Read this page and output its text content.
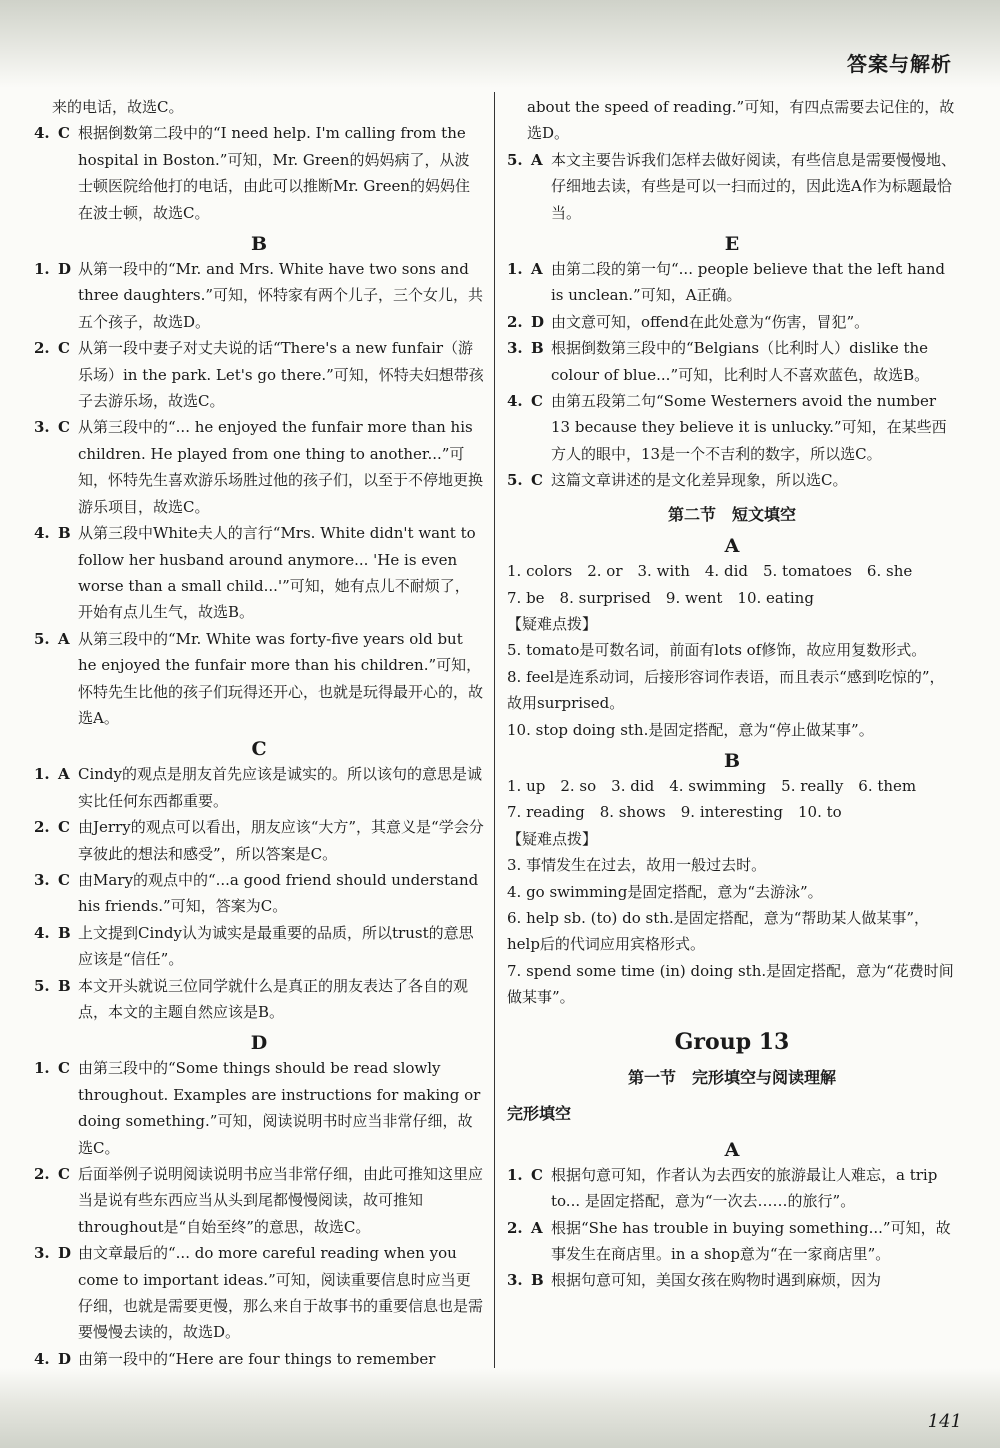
答案与解析

来的电话，故选C。

4. C 根据倒数第二段中的“I need help. I'm calling from the hospital in Boston.”可知，Mr. Green的妈妈病了，从波士顿医院给他打的电话，由此可以推断Mr. Green的妈妈住在波士顿，故选C。

B

1. D 从第一段中的“Mr. and Mrs. White have two sons and three daughters.”可知，怀特家有两个儿子，三个女儿，共五个孩子，故选D。
2. C 从第一段中妻子对丈夫说的话“There's a new funfair（游乐场）in the park. Let's go there.”可知，怀特夫妇想带孩子去游乐场，故选C。
3. C 从第三段中的“... he enjoyed the funfair more than his children. He played from one thing to another...”可知，怀特先生喜欢游乐场胜过他的孩子们，以至于不停地更换游乐项目，故选C。
4. B 从第三段中White夫人的言行“Mrs. White didn't want to follow her husband around anymore... 'He is even worse than a small child...'”可知，她有点儿不耐烦了，开始有点儿生气，故选B。
5. A 从第三段中的“Mr. White was forty-five years old but he enjoyed the funfair more than his children.”可知，怀特先生比他的孩子们玩得还开心，也就是玩得最开心的，故选A。

C

1. A Cindy的观点是朋友首先应该是诚实的。所以该句的意思是诚实比任何东西都重要。
2. C 由Jerry的观点可以看出，朋友应该“大方”，其意义是“学会分享彼此的想法和感受”，所以答案是C。
3. C 由Mary的观点中的“...a good friend should understand his friends.”可知，答案为C。
4. B 上文提到Cindy认为诚实是最重要的品质，所以trust的意思应该是“信任”。
5. B 本文开头就说三位同学就什么是真正的朋友表达了各自的观点，本文的主题自然应该是B。

D

1. C 由第三段中的“Some things should be read slowly throughout. Examples are instructions for making or doing something.”可知，阅读说明书时应当非常仔细，故选C。
2. C 后面举例子说明阅读说明书应当非常仔细，由此可推知这里应当是说有些东西应当从头到尾都慢慢阅读，故可推知throughout是“自始至终”的意思，故选C。
3. D 由文章最后的“... do more careful reading when you come to important ideas.”可知，阅读重要信息时应当更仔细，也就是需要更慢，那么来自于故事书的重要信息也是需要慢慢去读的，故选D。
4. D 由第一段中的“Here are four things to remember

about the speed of reading.”可知，有四点需要去记住的，故选D。

5. A 本文主要告诉我们怎样去做好阅读，有些信息是需要慢慢地、仔细地去读，有些是可以一扫而过的，因此选A作为标题最恰当。

E

1. A 由第二段的第一句“... people believe that the left hand is unclean.”可知，A正确。
2. D 由文意可知，offend在此处意为“伤害，冒犯”。
3. B 根据倒数第三段中的“Belgians（比利时人）dislike the colour of blue...”可知，比利时人不喜欢蓝色，故选B。
4. C 由第五段第二句“Some Westerners avoid the number 13 because they believe it is unlucky.”可知，在某些西方人的眼中，13是一个不吉利的数字，所以选C。
5. C 这篇文章讲述的是文化差异现象，所以选C。

第二节　短文填空

A

1. colors　2. or　3. with　4. did　5. tomatoes　6. she

7. be　8. surprised　9. went　10. eating

【疑难点拨】

5. tomato是可数名词，前面有lots of修饰，故应用复数形式。

8. feel是连系动词，后接形容词作表语，而且表示“感到吃惊的”，故用surprised。

10. stop doing sth.是固定搭配，意为“停止做某事”。

B

1. up　2. so　3. did　4. swimming　5. really　6. them

7. reading　8. shows　9. interesting　10. to

【疑难点拨】

3. 事情发生在过去，故用一般过去时。

4. go swimming是固定搭配，意为“去游泳”。

6. help sb. (to) do sth.是固定搭配，意为“帮助某人做某事”，help后的代词应用宾格形式。

7. spend some time (in) doing sth.是固定搭配，意为“花费时间做某事”。

Group 13

第一节　完形填空与阅读理解

完形填空

A

1. C 根据句意可知，作者认为去西安的旅游最让人难忘，a trip to... 是固定搭配，意为“一次去……的旅行”。
2. A 根据“She has trouble in buying something...”可知，故事发生在商店里。in a shop意为“在一家商店里”。
3. B 根据句意可知，美国女孩在购物时遇到麻烦，因为
141
